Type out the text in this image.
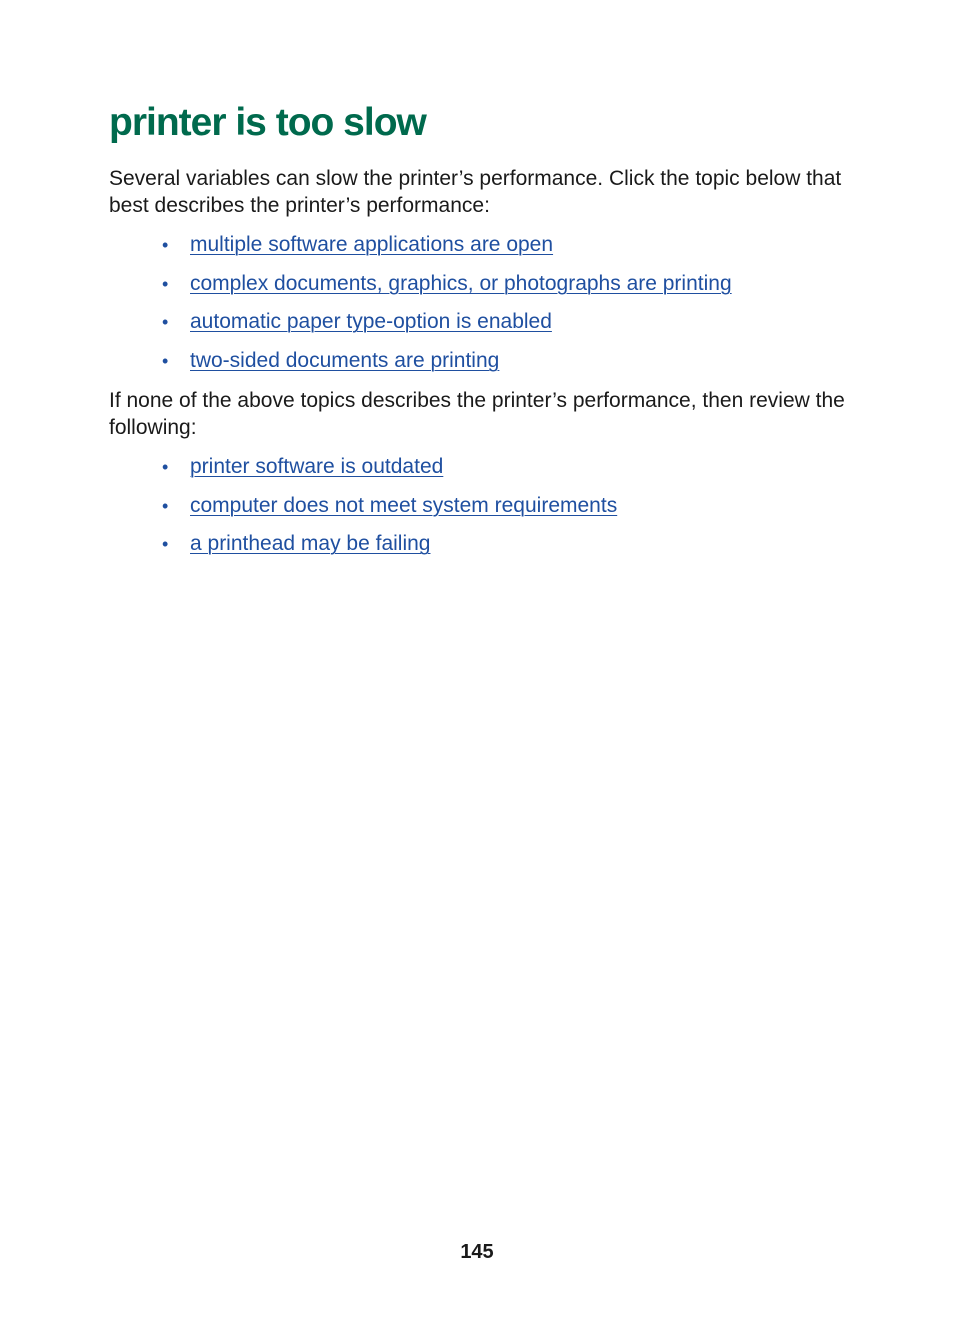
printer is too slow

Several variables can slow the printer’s performance. Click the topic below that best describes the printer’s performance:

• multiple software applications are open
• complex documents, graphics, or photographs are printing
• automatic paper type-option is enabled
• two-sided documents are printing

If none of the above topics describes the printer’s performance, then review the following:

• printer software is outdated
• computer does not meet system requirements
• a printhead may be failing
145
